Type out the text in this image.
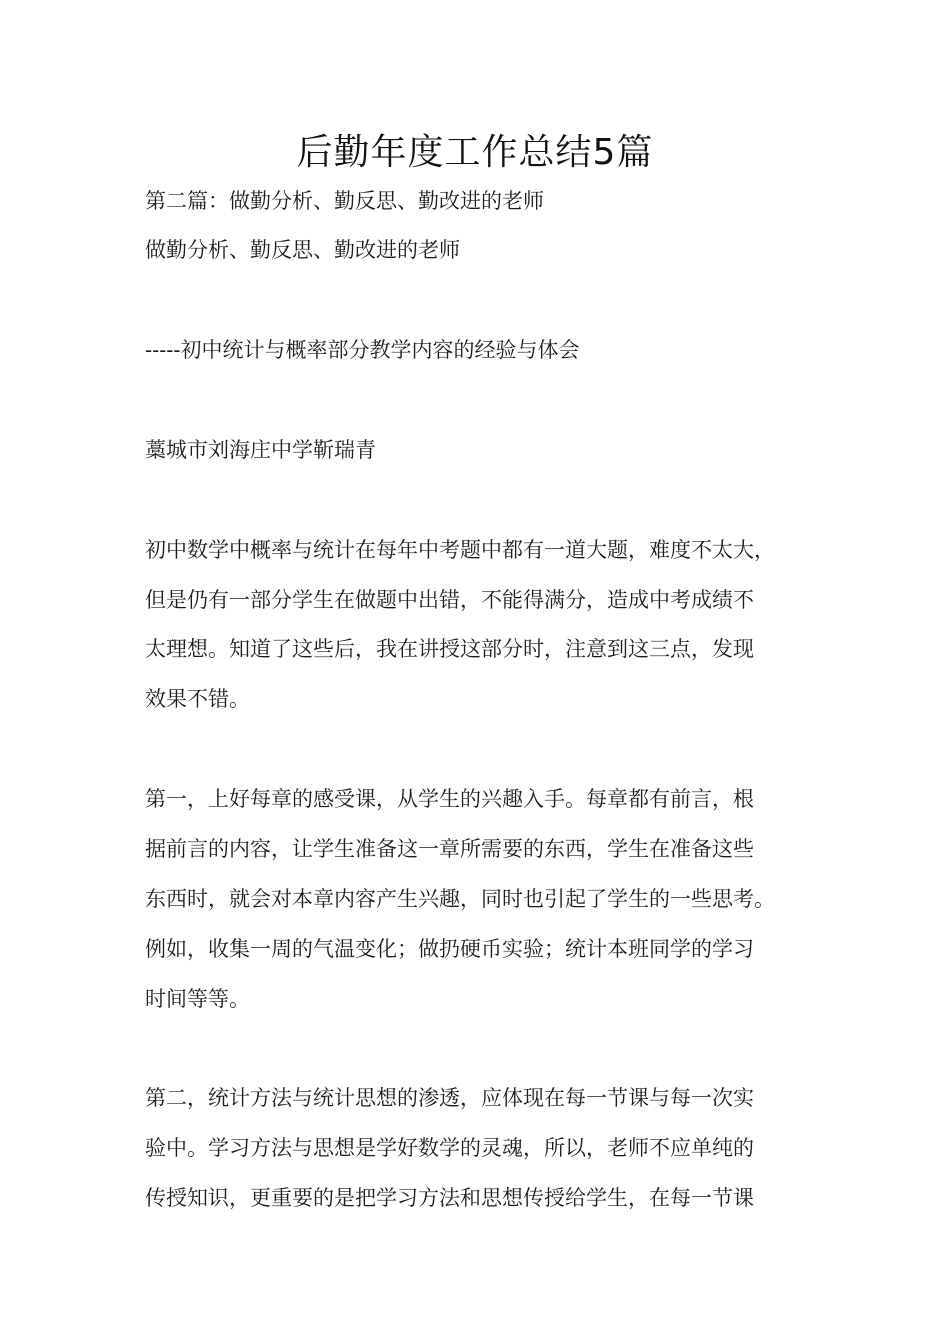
后勤年度工作总结5篇

第二篇：做勤分析、勤反思、勤改进的老师

做勤分析、勤反思、勤改进的老师

-----初中统计与概率部分教学内容的经验与体会

藁城市刘海庄中学靳瑞青

初中数学中概率与统计在每年中考题中都有一道大题，难度不太大，

但是仍有一部分学生在做题中出错，不能得满分，造成中考成绩不

太理想。知道了这些后，我在讲授这部分时，注意到这三点，发现

效果不错。

第一，上好每章的感受课，从学生的兴趣入手。每章都有前言，根

据前言的内容，让学生准备这一章所需要的东西，学生在准备这些

东西时，就会对本章内容产生兴趣，同时也引起了学生的一些思考。

例如，收集一周的气温变化；做扔硬币实验；统计本班同学的学习

时间等等。

第二，统计方法与统计思想的渗透，应体现在每一节课与每一次实

验中。学习方法与思想是学好数学的灵魂，所以，老师不应单纯的

传授知识，更重要的是把学习方法和思想传授给学生，在每一节课
